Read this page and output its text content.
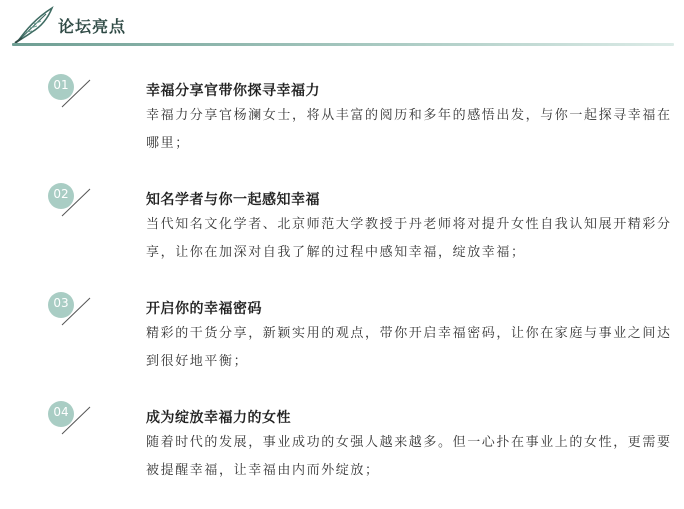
论坛亮点
01	幸福分享官带你探寻幸福力
幸福力分享官杨澜女士，将从丰富的阅历和多年的感悟出发，与你一起探寻幸福在哪里；
02	知名学者与你一起感知幸福
当代知名文化学者、北京师范大学教授于丹老师将对提升女性自我认知展开精彩分享，让你在加深对自我了解的过程中感知幸福，绽放幸福；
03	开启你的幸福密码
精彩的干货分享，新颖实用的观点，带你开启幸福密码，让你在家庭与事业之间达到很好地平衡；
04	成为绽放幸福力的女性
随着时代的发展，事业成功的女强人越来越多。但一心扑在事业上的女性，更需要被提醒幸福，让幸福由内而外绽放；
